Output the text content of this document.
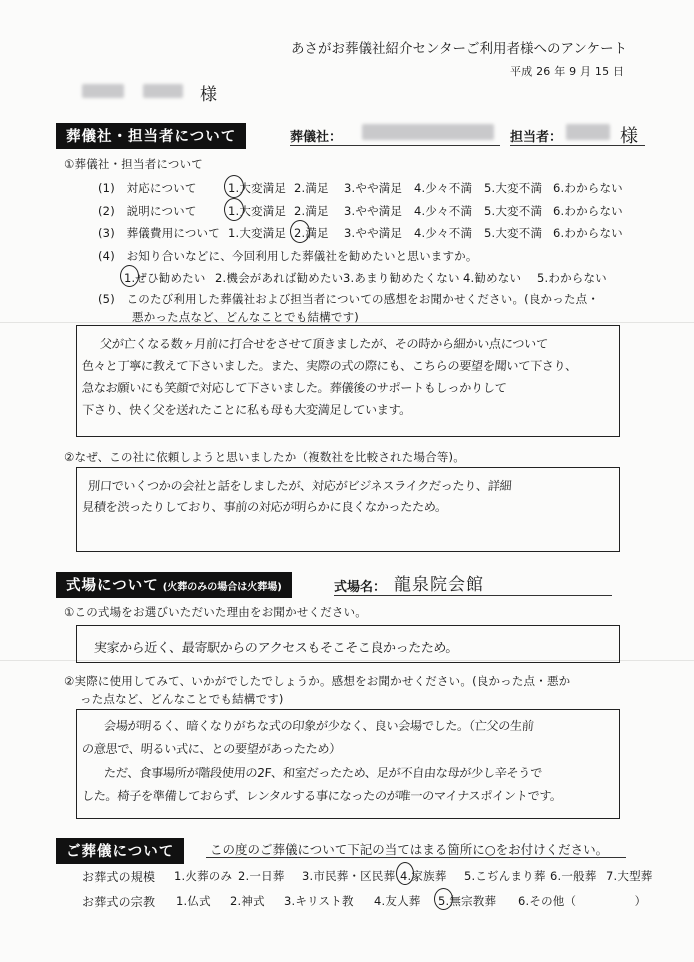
あさがお葬儀社紹介センターご利用者様へのアンケート
平成 26 年 9 月 15 日
様
葬儀社・担当者について	葬儀社：	担当者：	様
①葬儀社・担当者について
(1)　対応について	1.大変満足 2.満足 3.やや満足 4.少々不満 5.大変不満 6.わからない
(2)　説明について	1.大変満足 2.満足 3.やや満足 4.少々不満 5.大変不満 6.わからない
(3)　葬儀費用について 1.大変満足 2.満足 3.やや満足 4.少々不満 5.大変不満 6.わからない
(4)　お知り合いなどに、今回利用した葬儀社を勧めたいと思いますか。
1.ぜひ勧めたい 2.機会があれば勧めたい3.あまり勧めたくない 4.勧めない 5.わからない
(5)　このたび利用した葬儀社および担当者についての感想をお聞かせください。(良かった点・
悪かった点など、どんなことでも結構です)
父が亡くなる数ヶ月前に打合せをさせて頂きましたが、その時から細かい点について
色々と丁寧に教えて下さいました。また、実際の式の際にも、こちらの要望を聞いて下さり、
急なお願いにも笑顔で対応して下さいました。葬儀後のサポートもしっかりして
下さり、快く父を送れたことに私も母も大変満足しています。
②なぜ、この社に依頼しようと思いましたか（複数社を比較された場合等)。
別口でいくつかの会社と話をしましたが、対応がビジネスライクだったり、詳細
見積を渋ったりしており、事前の対応が明らかに良くなかったため。
式場について (火葬のみの場合は火葬場)	式場名： 龍泉院会館
①この式場をお選びいただいた理由をお聞かせください。
実家から近く、最寄駅からのアクセスもそこそこ良かったため。
②実際に使用してみて、いかがでしたでしょうか。感想をお聞かせください。(良かった点・悪か
った点など、どんなことでも結構です)
会場が明るく、暗くなりがちな式の印象が少なく、良い会場でした。（亡父の生前
の意思で、明るい式に、との要望があったため）
ただ、食事場所が階段使用の2F、和室だったため、足が不自由な母が少し辛そうで
した。椅子を準備しておらず、レンタルする事になったのが唯一のマイナスポイントです。
ご葬儀について	この度のご葬儀について下記の当てはまる箇所に○をお付けください。
お葬式の規模 1.火葬のみ 2.一日葬 3.市民葬・区民葬 4.家族葬 5.こぢんまり葬 6.一般葬 7.大型葬
お葬式の宗教 1.仏式 2.神式 3.キリスト教 4.友人葬 5.無宗教葬 6.その他（　　　　　）
